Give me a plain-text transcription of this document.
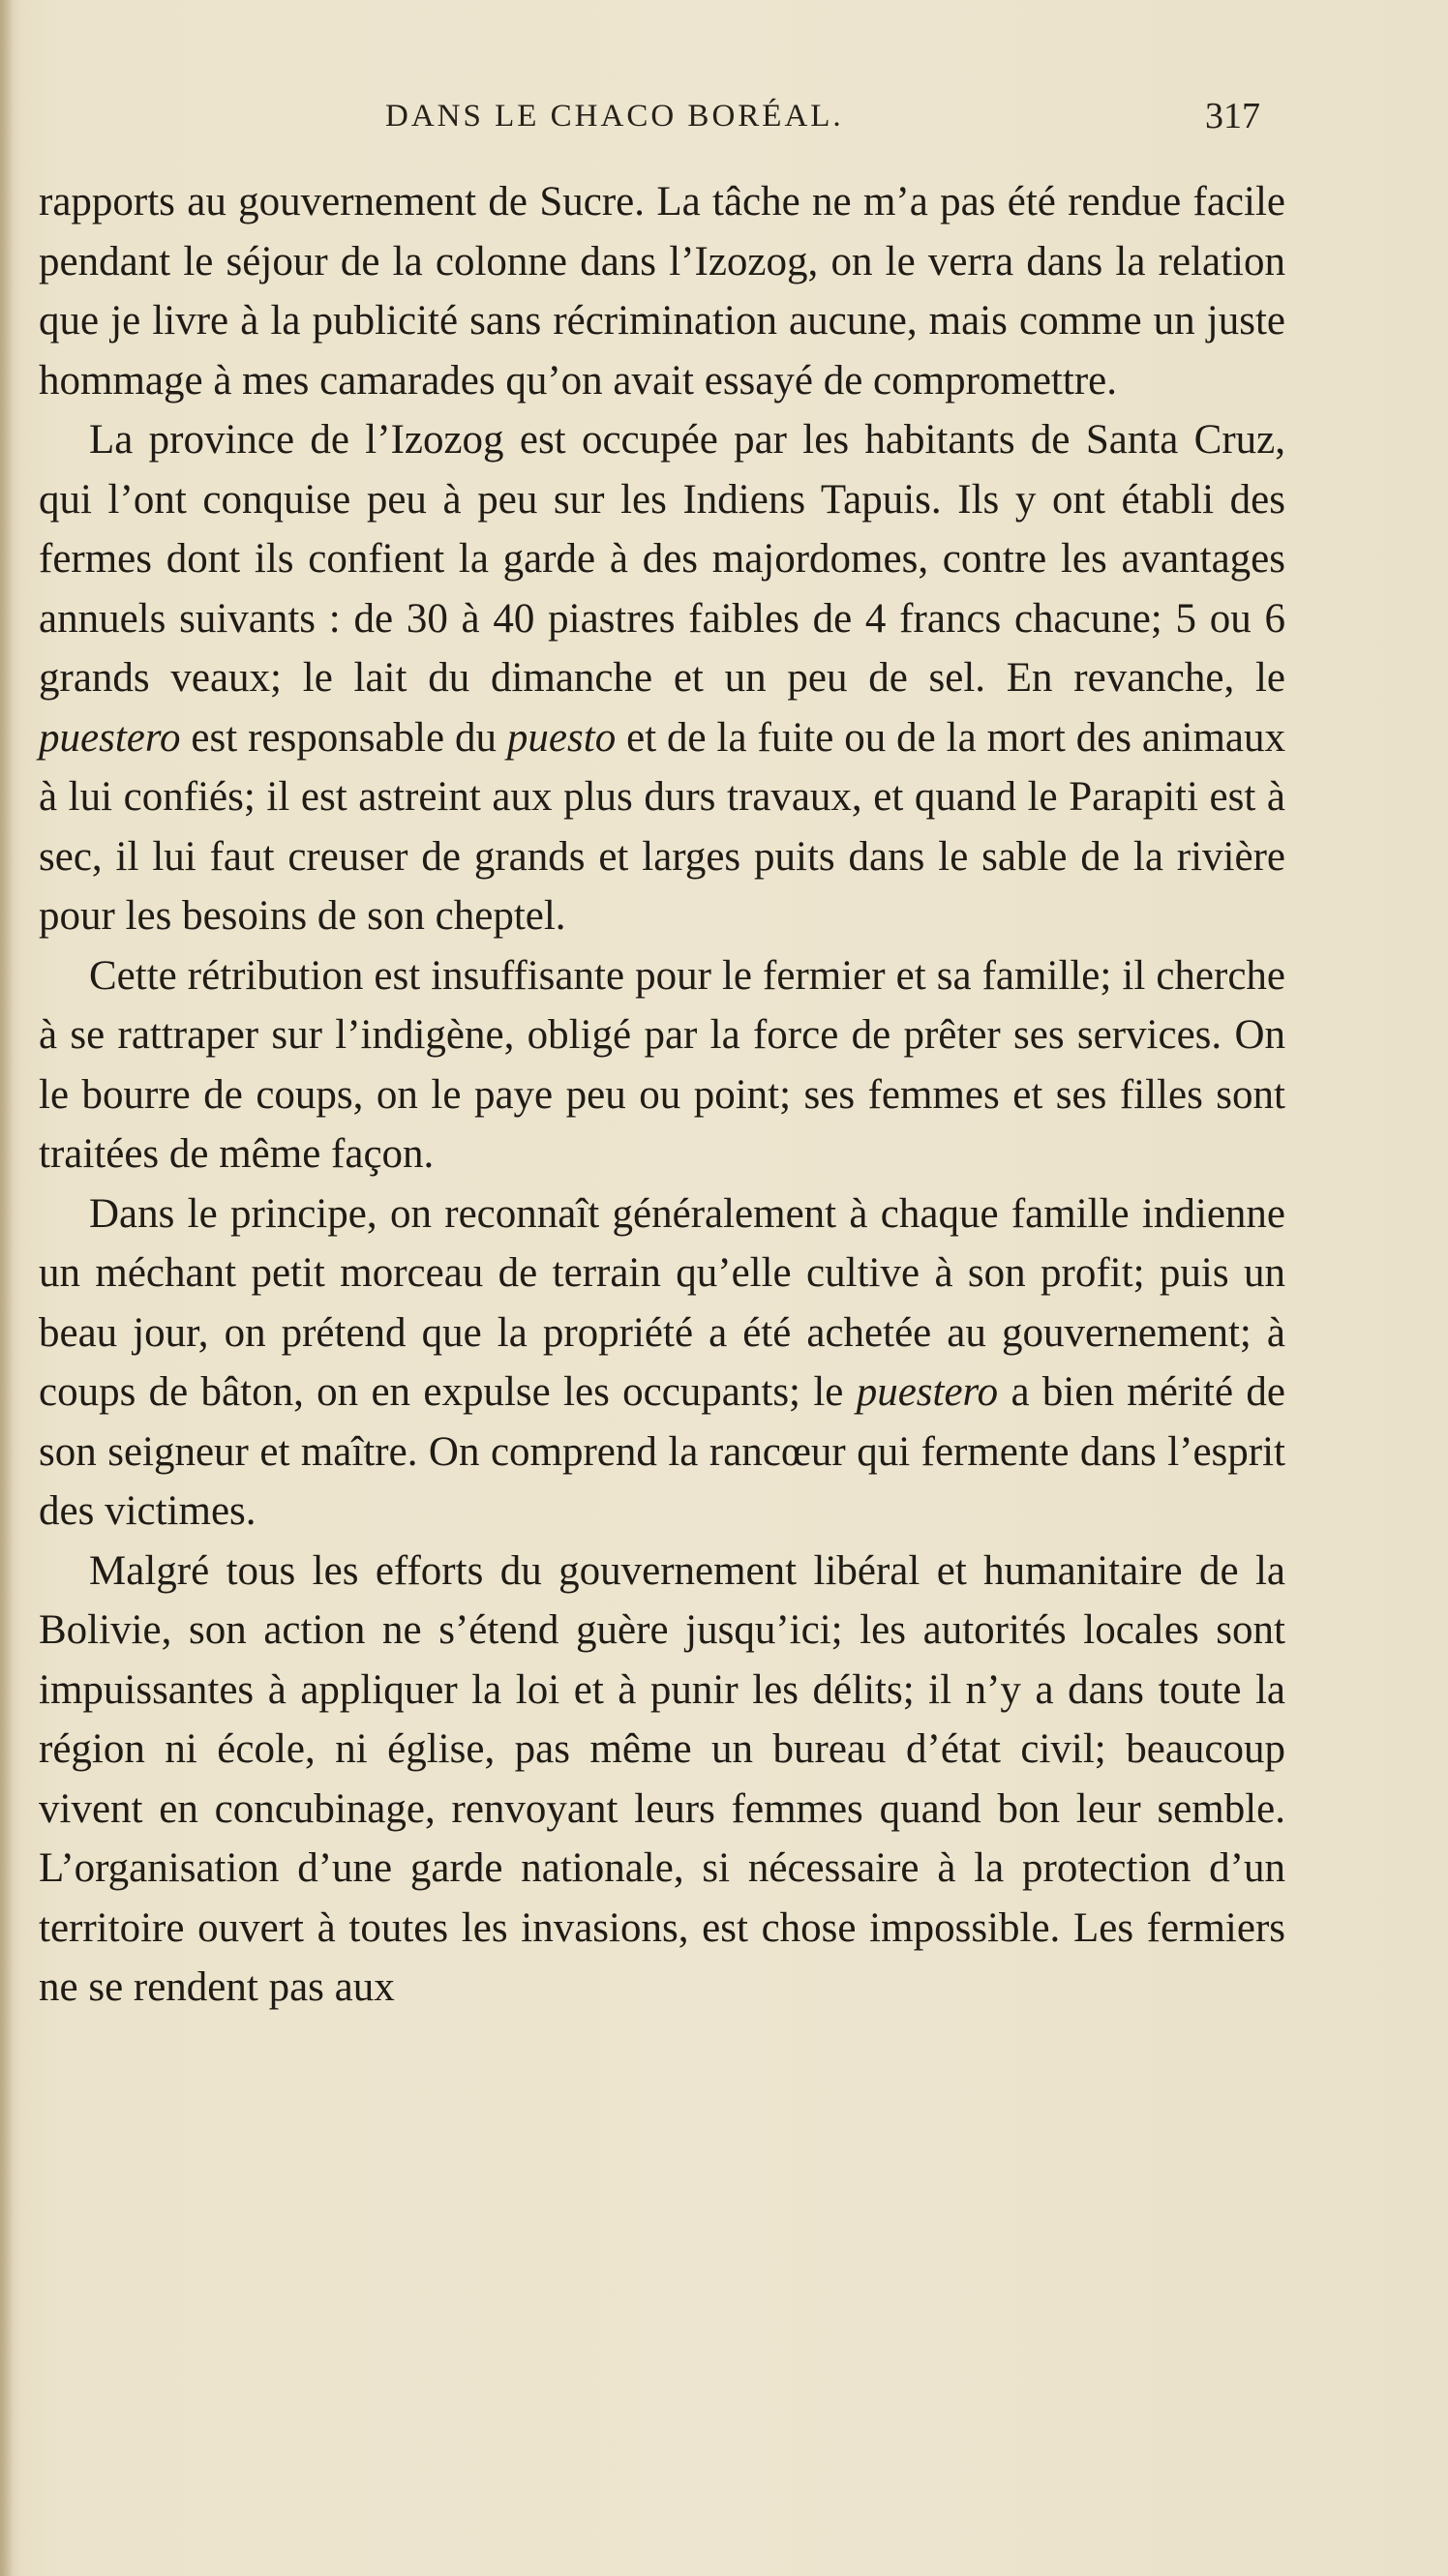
DANS LE CHACO BORÉAL.	317

rapports au gouvernement de Sucre. La tâche ne m’a pas été rendue facile pendant le séjour de la colonne dans l’Izozog, on le verra dans la relation que je livre à la publicité sans récrimination aucune, mais comme un juste hommage à mes camarades qu’on avait essayé de compromettre.

La province de l’Izozog est occupée par les habitants de Santa Cruz, qui l’ont conquise peu à peu sur les Indiens Tapuis. Ils y ont établi des fermes dont ils confient la garde à des majordomes, contre les avantages annuels suivants : de 30 à 40 piastres faibles de 4 francs chacune; 5 ou 6 grands veaux; le lait du dimanche et un peu de sel. En revanche, le puestero est responsable du puesto et de la fuite ou de la mort des animaux à lui confiés; il est astreint aux plus durs travaux, et quand le Parapiti est à sec, il lui faut creuser de grands et larges puits dans le sable de la rivière pour les besoins de son cheptel.

Cette rétribution est insuffisante pour le fermier et sa famille; il cherche à se rattraper sur l’indigène, obligé par la force de prêter ses services. On le bourre de coups, on le paye peu ou point; ses femmes et ses filles sont traitées de même façon.

Dans le principe, on reconnaît généralement à chaque famille indienne un méchant petit morceau de terrain qu’elle cultive à son profit; puis un beau jour, on prétend que la propriété a été achetée au gouvernement; à coups de bâton, on en expulse les occupants; le puestero a bien mérité de son seigneur et maître. On comprend la rancœur qui fermente dans l’esprit des victimes.

Malgré tous les efforts du gouvernement libéral et humanitaire de la Bolivie, son action ne s’étend guère jusqu’ici; les autorités locales sont impuissantes à appliquer la loi et à punir les délits; il n’y a dans toute la région ni école, ni église, pas même un bureau d’état civil; beaucoup vivent en concubinage, renvoyant leurs femmes quand bon leur semble. L’organisation d’une garde nationale, si nécessaire à la protection d’un territoire ouvert à toutes les invasions, est chose impossible. Les fermiers ne se rendent pas aux
